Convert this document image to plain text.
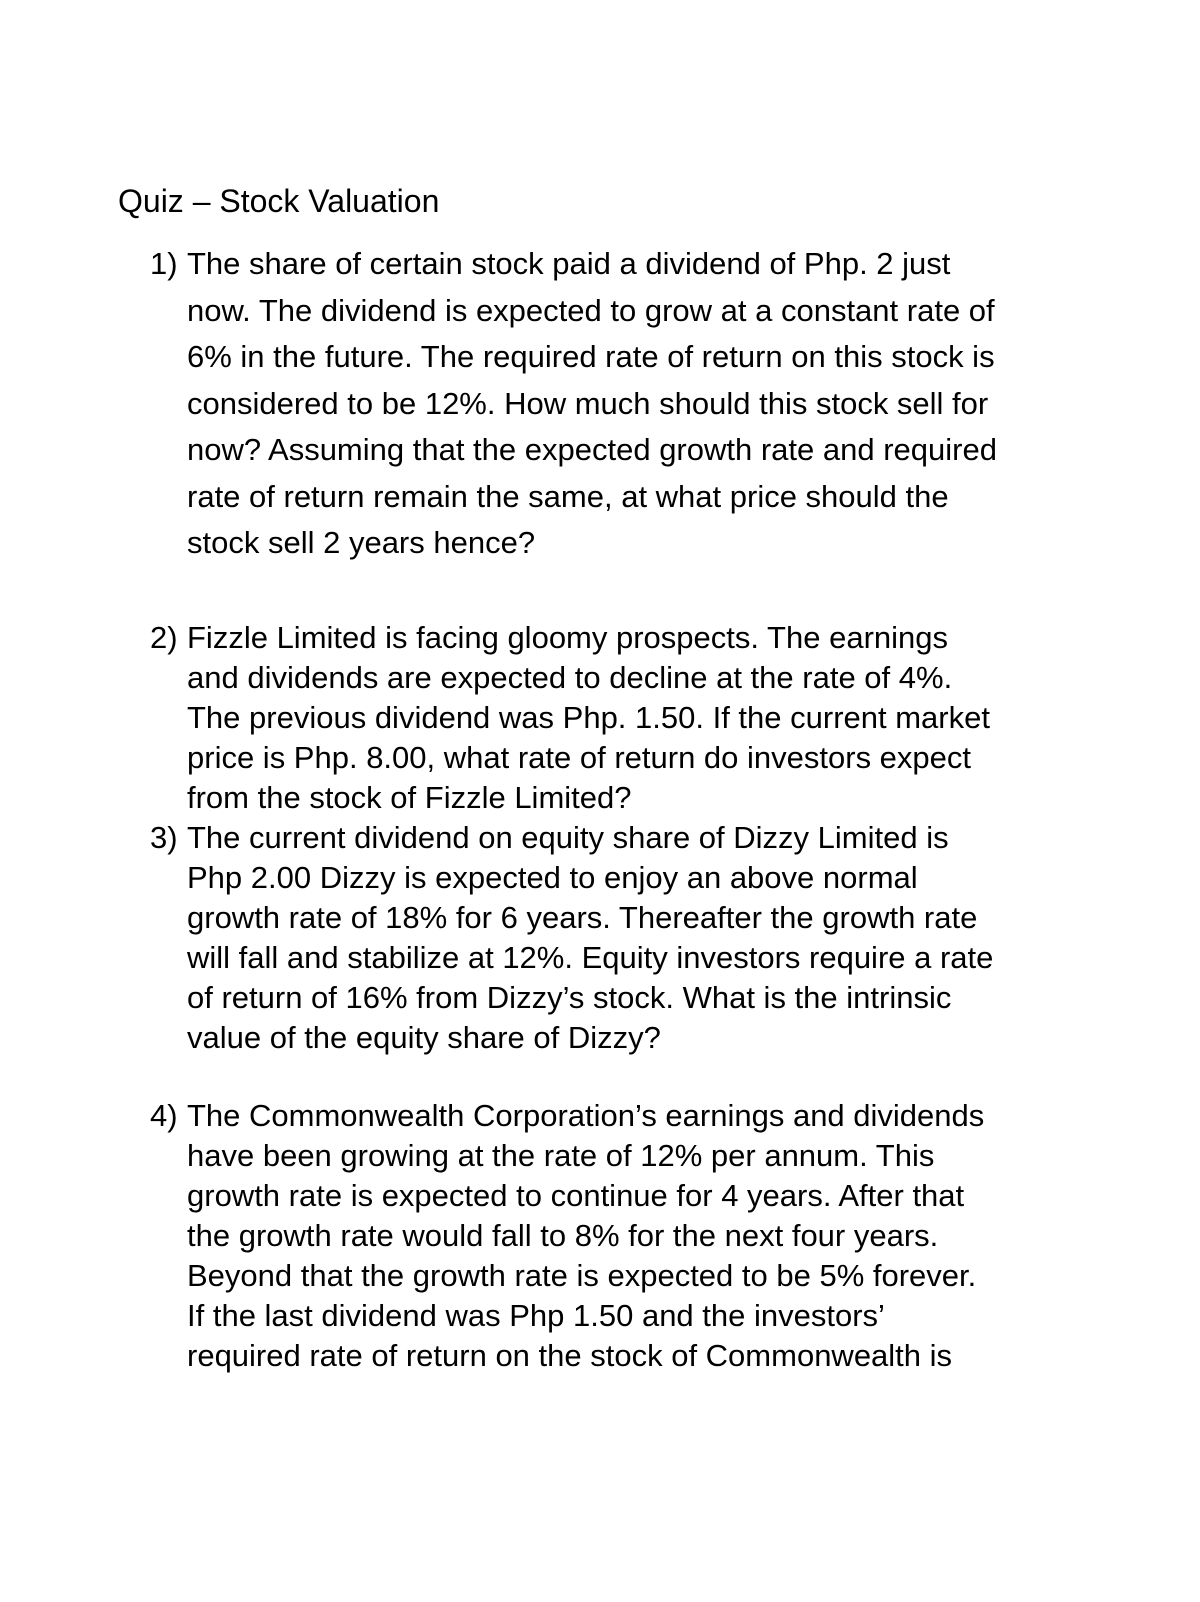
Quiz – Stock Valuation
1) The share of certain stock paid a dividend of Php. 2 just
now. The dividend is expected to grow at a constant rate of
6% in the future. The required rate of return on this stock is
considered to be 12%. How much should this stock sell for
now? Assuming that the expected growth rate and required
rate of return remain the same, at what price should the
stock sell 2 years hence?
2) Fizzle Limited is facing gloomy prospects. The earnings
and dividends are expected to decline at the rate of 4%.
The previous dividend was Php. 1.50. If the current market
price is Php. 8.00, what rate of return do investors expect
from the stock of Fizzle Limited?
3) The current dividend on equity share of Dizzy Limited is
Php 2.00 Dizzy is expected to enjoy an above normal
growth rate of 18% for 6 years. Thereafter the growth rate
will fall and stabilize at 12%. Equity investors require a rate
of return of 16% from Dizzy’s stock. What is the intrinsic
value of the equity share of Dizzy?
4) The Commonwealth Corporation’s earnings and dividends
have been growing at the rate of 12% per annum. This
growth rate is expected to continue for 4 years. After that
the growth rate would fall to 8% for the next four years.
Beyond that the growth rate is expected to be 5% forever.
If the last dividend was Php 1.50 and the investors’
required rate of return on the stock of Commonwealth is
